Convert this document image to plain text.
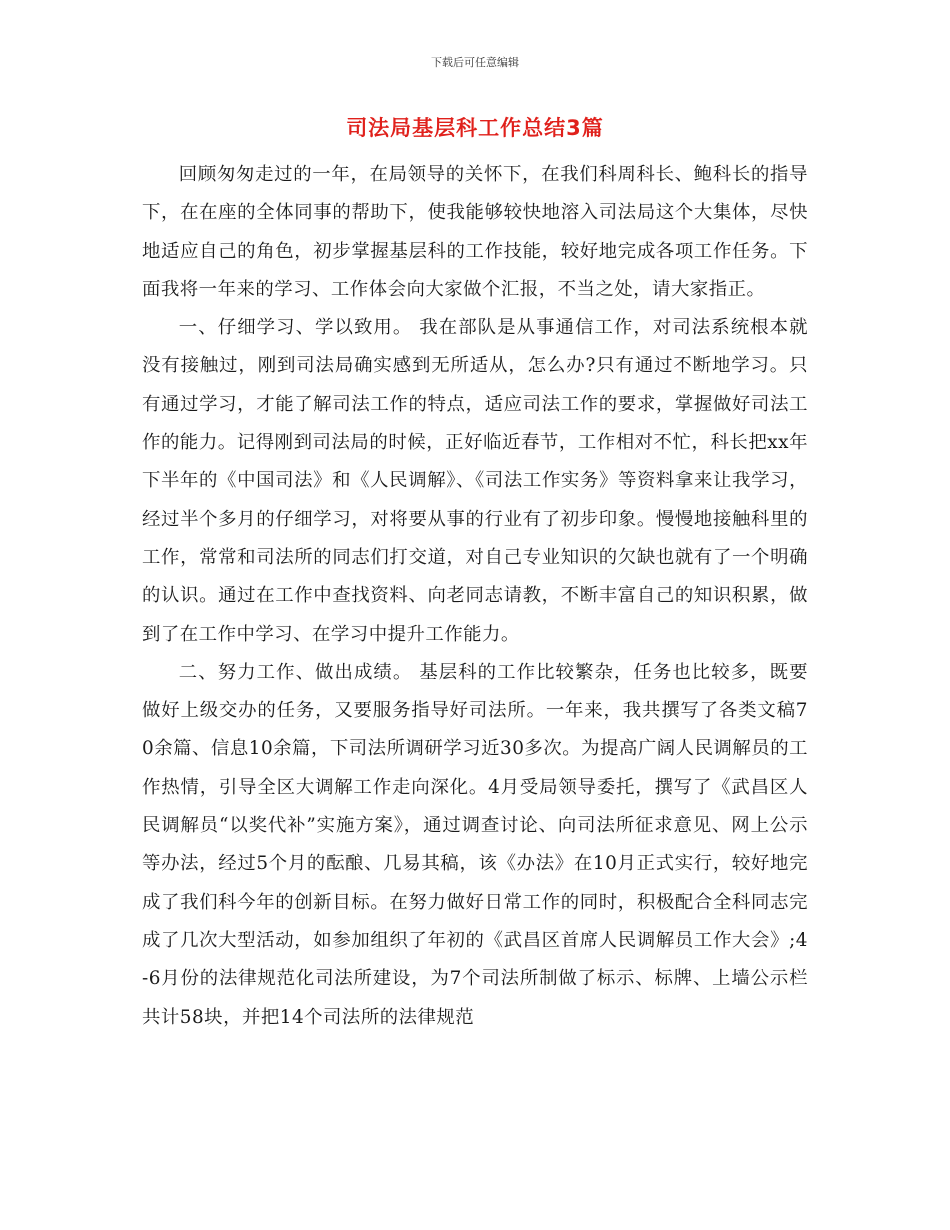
下载后可任意编辑
司法局基层科工作总结3篇

回顾匆匆走过的一年，在局领导的关怀下，在我们科周科长、鲍科长的指导下，在在座的全体同事的帮助下，使我能够较快地溶入司法局这个大集体，尽快地适应自己的角色，初步掌握基层科的工作技能，较好地完成各项工作任务。下面我将一年来的学习、工作体会向大家做个汇报，不当之处，请大家指正。

一、仔细学习、学以致用。 我在部队是从事通信工作，对司法系统根本就没有接触过，刚到司法局确实感到无所适从，怎么办?只有通过不断地学习。只有通过学习，才能了解司法工作的特点，适应司法工作的要求，掌握做好司法工作的能力。记得刚到司法局的时候，正好临近春节，工作相对不忙，科长把xx年下半年的《中国司法》和《人民调解》、《司法工作实务》等资料拿来让我学习，经过半个多月的仔细学习，对将要从事的行业有了初步印象。慢慢地接触科里的工作，常常和司法所的同志们打交道，对自己专业知识的欠缺也就有了一个明确的认识。通过在工作中查找资料、向老同志请教，不断丰富自己的知识积累，做到了在工作中学习、在学习中提升工作能力。

二、努力工作、做出成绩。 基层科的工作比较繁杂，任务也比较多，既要做好上级交办的任务，又要服务指导好司法所。一年来，我共撰写了各类文稿70余篇、信息10余篇，下司法所调研学习近30多次。为提高广阔人民调解员的工作热情，引导全区大调解工作走向深化。4月受局领导委托，撰写了《武昌区人民调解员“以奖代补”实施方案》，通过调查讨论、向司法所征求意见、网上公示等办法，经过5个月的酝酿、几易其稿，该《办法》在10月正式实行，较好地完成了我们科今年的创新目标。在努力做好日常工作的同时，积极配合全科同志完成了几次大型活动，如参加组织了年初的《武昌区首席人民调解员工作大会》;4-6月份的法律规范化司法所建设，为7个司法所制做了标示、标牌、上墙公示栏共计58块，并把14个司法所的法律规范
